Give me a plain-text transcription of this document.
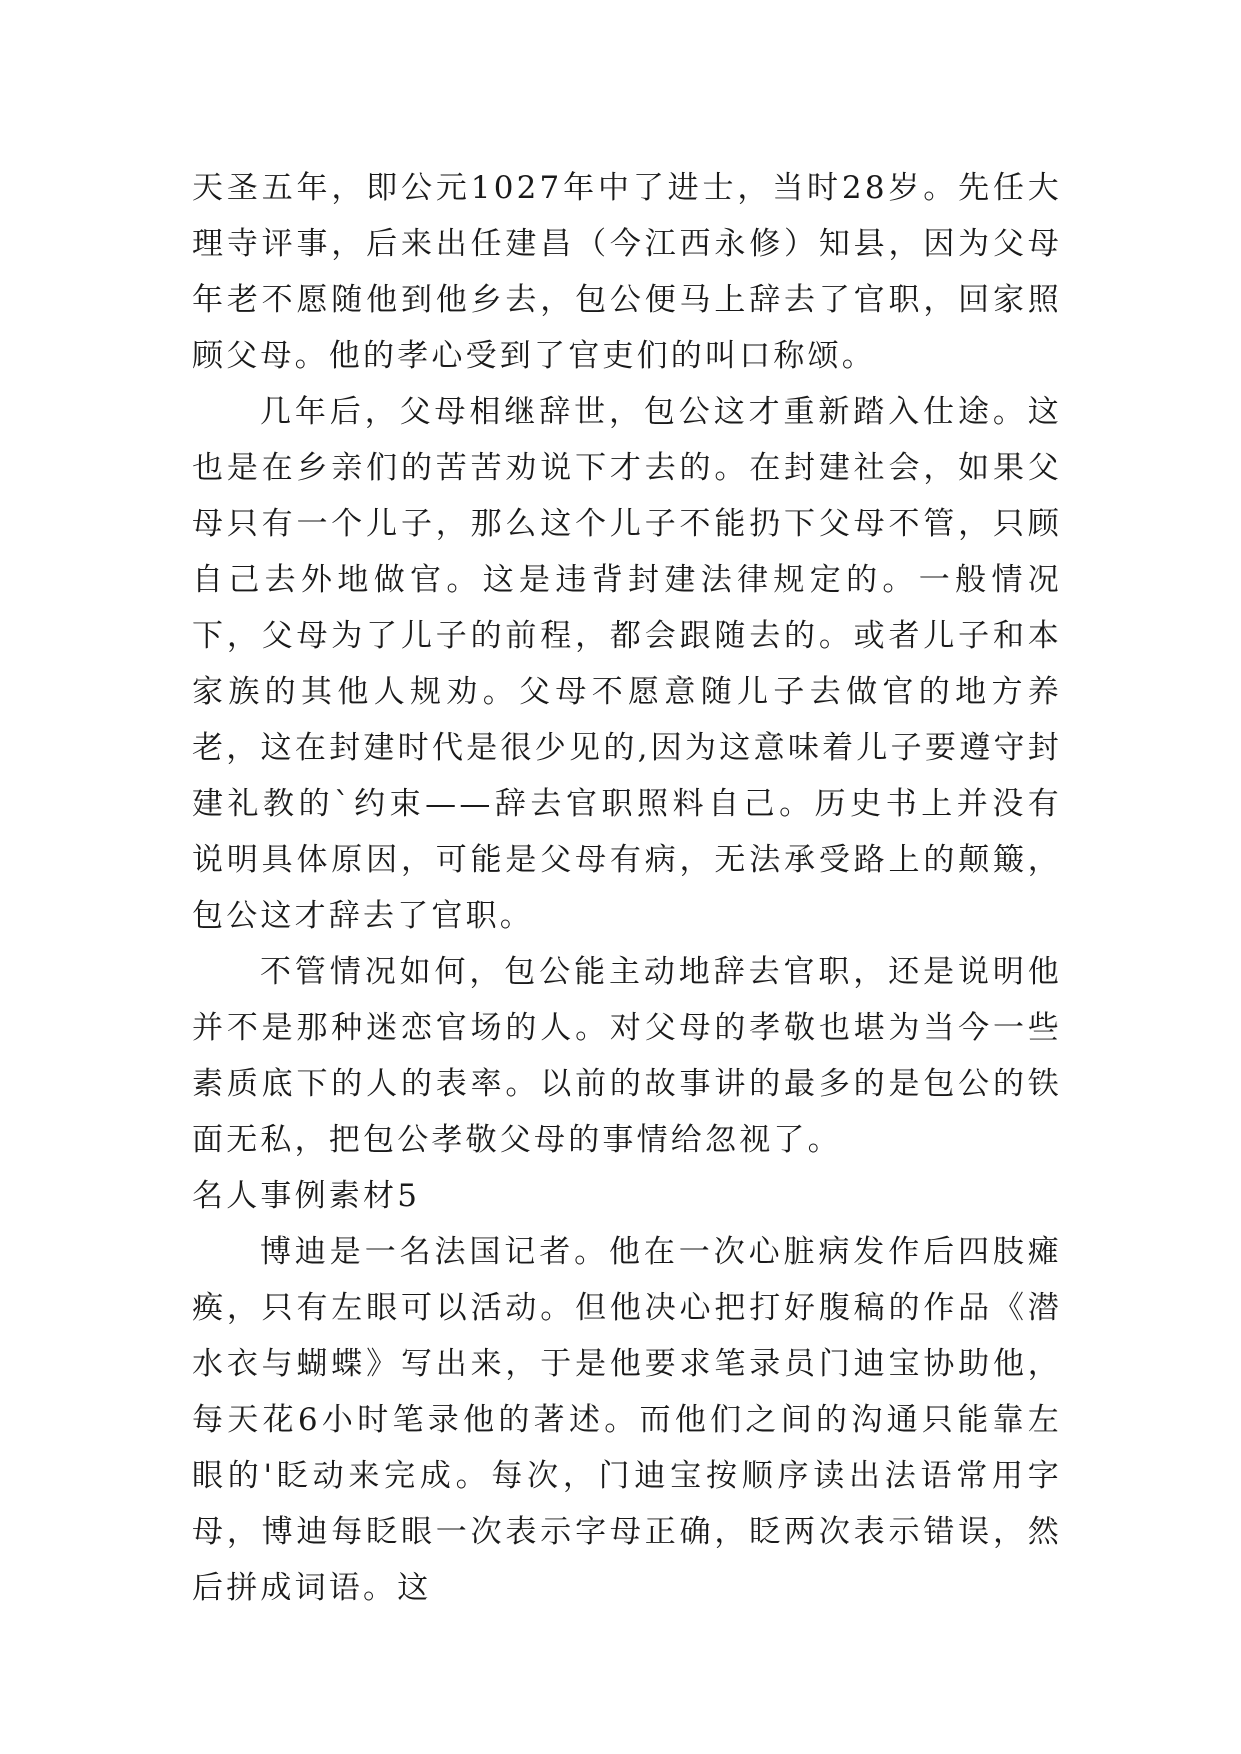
天圣五年，即公元1027年中了进士，当时28岁。先任大理寺评事，后来出任建昌（今江西永修）知县，因为父母年老不愿随他到他乡去，包公便马上辞去了官职，回家照顾父母。他的孝心受到了官吏们的叫口称颂。

几年后，父母相继辞世，包公这才重新踏入仕途。这也是在乡亲们的苦苦劝说下才去的。在封建社会，如果父母只有一个儿子，那么这个儿子不能扔下父母不管，只顾自己去外地做官。这是违背封建法律规定的。一般情况下，父母为了儿子的前程，都会跟随去的。或者儿子和本家族的其他人规劝。父母不愿意随儿子去做官的地方养老，这在封建时代是很少见的,因为这意味着儿子要遵守封建礼教的`约束——辞去官职照料自己。历史书上并没有说明具体原因，可能是父母有病，无法承受路上的颠簸，包公这才辞去了官职。

不管情况如何，包公能主动地辞去官职，还是说明他并不是那种迷恋官场的人。对父母的孝敬也堪为当今一些素质底下的人的表率。以前的故事讲的最多的是包公的铁面无私，把包公孝敬父母的事情给忽视了。

名人事例素材5

博迪是一名法国记者。他在一次心脏病发作后四肢瘫痪，只有左眼可以活动。但他决心把打好腹稿的作品《潜水衣与蝴蝶》写出来，于是他要求笔录员门迪宝协助他，每天花6小时笔录他的著述。而他们之间的沟通只能靠左眼的'眨动来完成。每次，门迪宝按顺序读出法语常用字母，博迪每眨眼一次表示字母正确，眨两次表示错误，然后拼成词语。这
